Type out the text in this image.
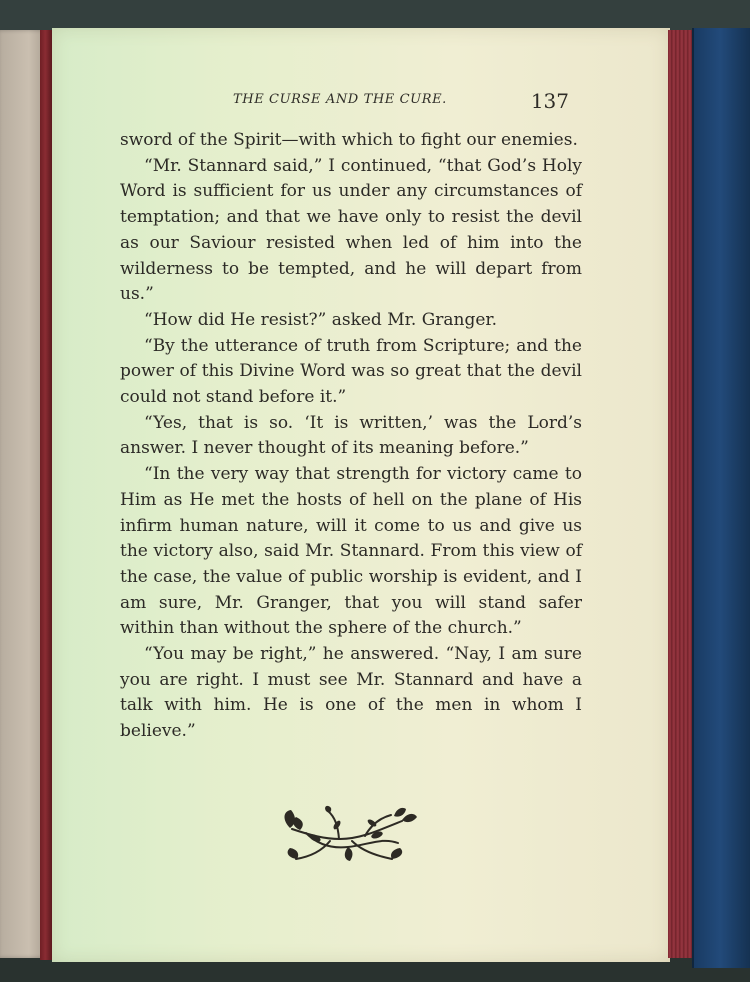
THE CURSE AND THE CURE.	137

sword of the Spirit—with which to fight our enemies.

“Mr. Stannard said,” I continued, “that God’s Holy Word is sufficient for us under any circumstances of temptation; and that we have only to resist the devil as our Saviour resisted when led of him into the wilderness to be tempted, and he will depart from us.”

“How did He resist?” asked Mr. Granger.

“By the utterance of truth from Scripture; and the power of this Divine Word was so great that the devil could not stand before it.”

“Yes, that is so. ‘It is written,’ was the Lord’s answer. I never thought of its meaning before.”

“In the very way that strength for victory came to Him as He met the hosts of hell on the plane of His infirm human nature, will it come to us and give us the victory also, said Mr. Stannard. From this view of the case, the value of public worship is evident, and I am sure, Mr. Granger, that you will stand safer within than without the sphere of the church.”

“You may be right,” he answered. “Nay, I am sure you are right. I must see Mr. Stannard and have a talk with him. He is one of the men in whom I believe.”
